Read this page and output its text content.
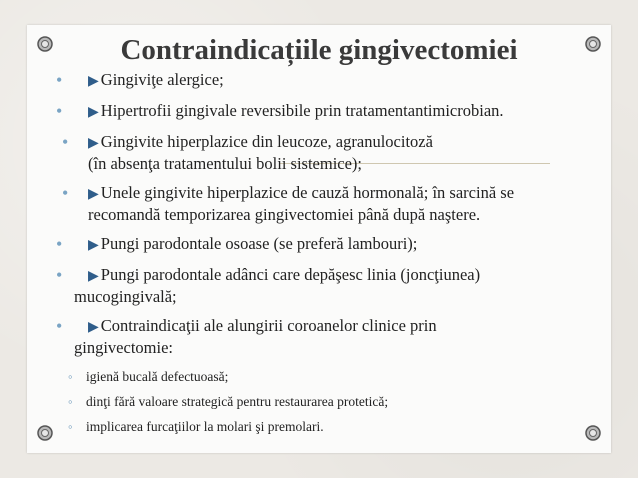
Contraindicațiile gingivectomiei
• ▶ Gingiviţe alergice;
• ▶ Hipertrofii gingivale reversibile prin tratamentantimicrobian.
• ▶ Gingivite hiperplazice din leucoze, agranulocitoză
(în absenţa tratamentului bolii sistemice);
• ▶ Unele gingivite hiperplazice de cauză hormonală; în sarcină se
recomandă temporizarea gingivectomiei până după naştere.
• ▶ Pungi parodontale osoase (se preferă lambouri);
• ▶ Pungi parodontale adânci care depăşesc linia (joncţiunea)
mucogingivală;
• ▶ Contraindicaţii ale alungirii coroanelor clinice prin
gingivectomie:
◦ igienă bucală defectuoasă;
◦ dinţi fără valoare strategică pentru restaurarea protetică;
◦ implicarea furcaţiilor la molari şi premolari.
